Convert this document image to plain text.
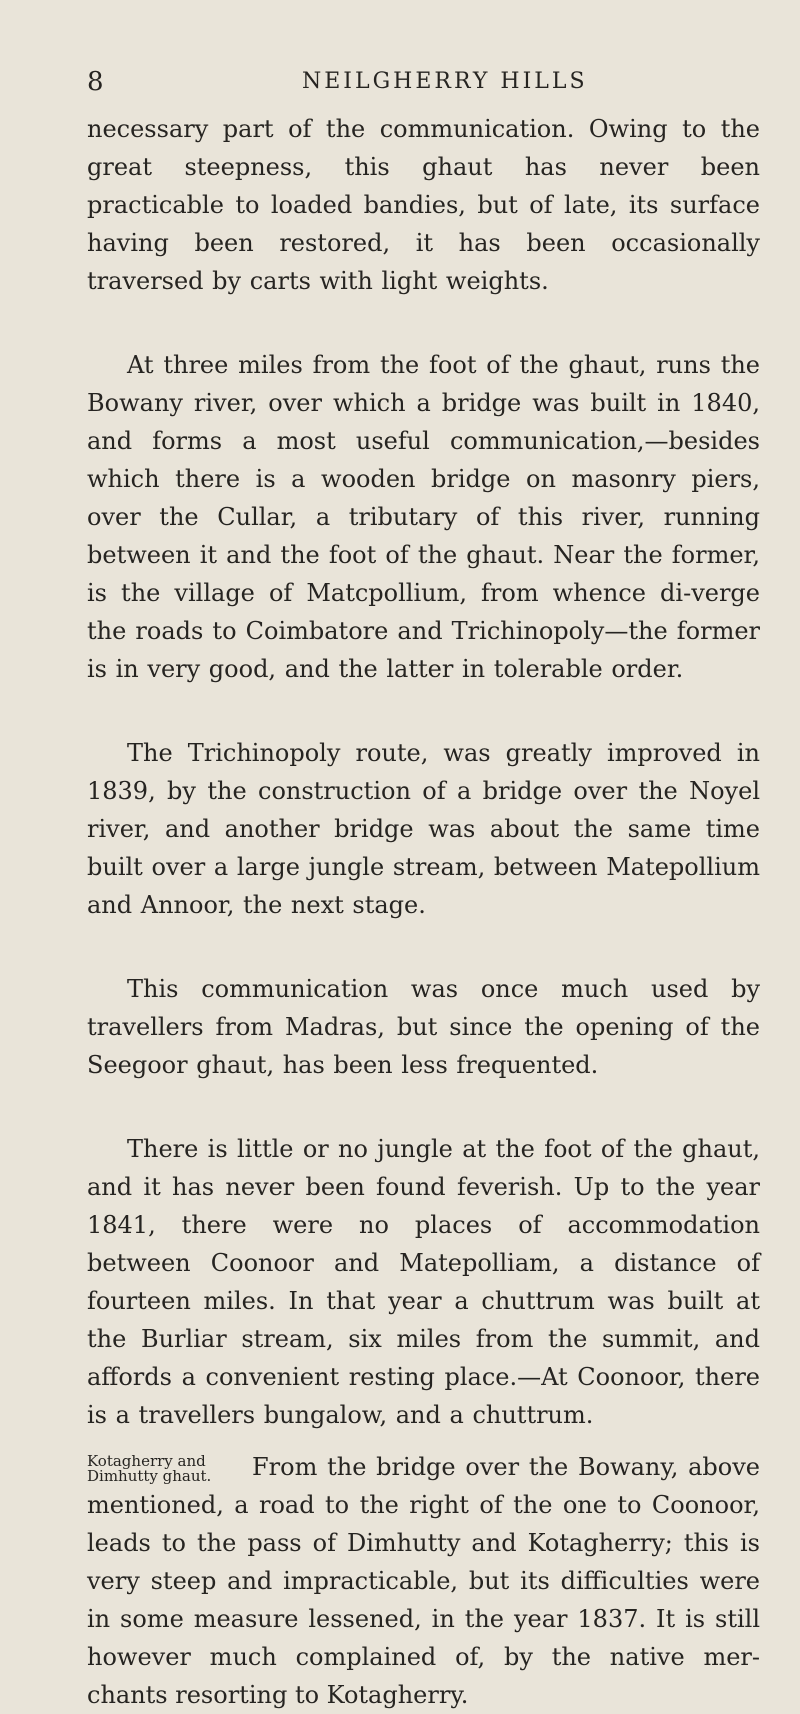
8	NEILGHERRY HILLS

necessary part of the communication. Owing to the great steepness, this ghaut has never been practicable to loaded bandies, but of late, its surface having been restored, it has been occasionally traversed by carts with light weights.

At three miles from the foot of the ghaut, runs the Bowany river, over which a bridge was built in 1840, and forms a most useful communication,—besides which there is a wooden bridge on masonry piers, over the Cullar, a tributary of this river, running between it and the foot of the ghaut. Near the former, is the village of Matcpollium, from whence di-verge the roads to Coimbatore and Trichinopoly—the former is in very good, and the latter in tolerable order.

The Trichinopoly route, was greatly improved in 1839, by the construction of a bridge over the Noyel river, and another bridge was about the same time built over a large jungle stream, between Matepollium and Annoor, the next stage.

This communication was once much used by travellers from Madras, but since the opening of the Seegoor ghaut, has been less frequented.

There is little or no jungle at the foot of the ghaut, and it has never been found feverish. Up to the year 1841, there were no places of accommodation between Coonoor and Matepolliam, a distance of fourteen miles. In that year a chuttrum was built at the Burliar stream, six miles from the summit, and affords a convenient resting place.—At Coonoor, there is a travellers bungalow, and a chuttrum.

Kotagherry and Dimhutty ghaut.	From the bridge over the Bowany, above mentioned, a road to the right of the one to Coonoor, leads to the pass of Dimhutty and Kotagherry; this is very steep and impracticable, but its difficulties were in some measure lessened, in the year 1837. It is still however much complained of, by the native mer-chants resorting to Kotagherry.
